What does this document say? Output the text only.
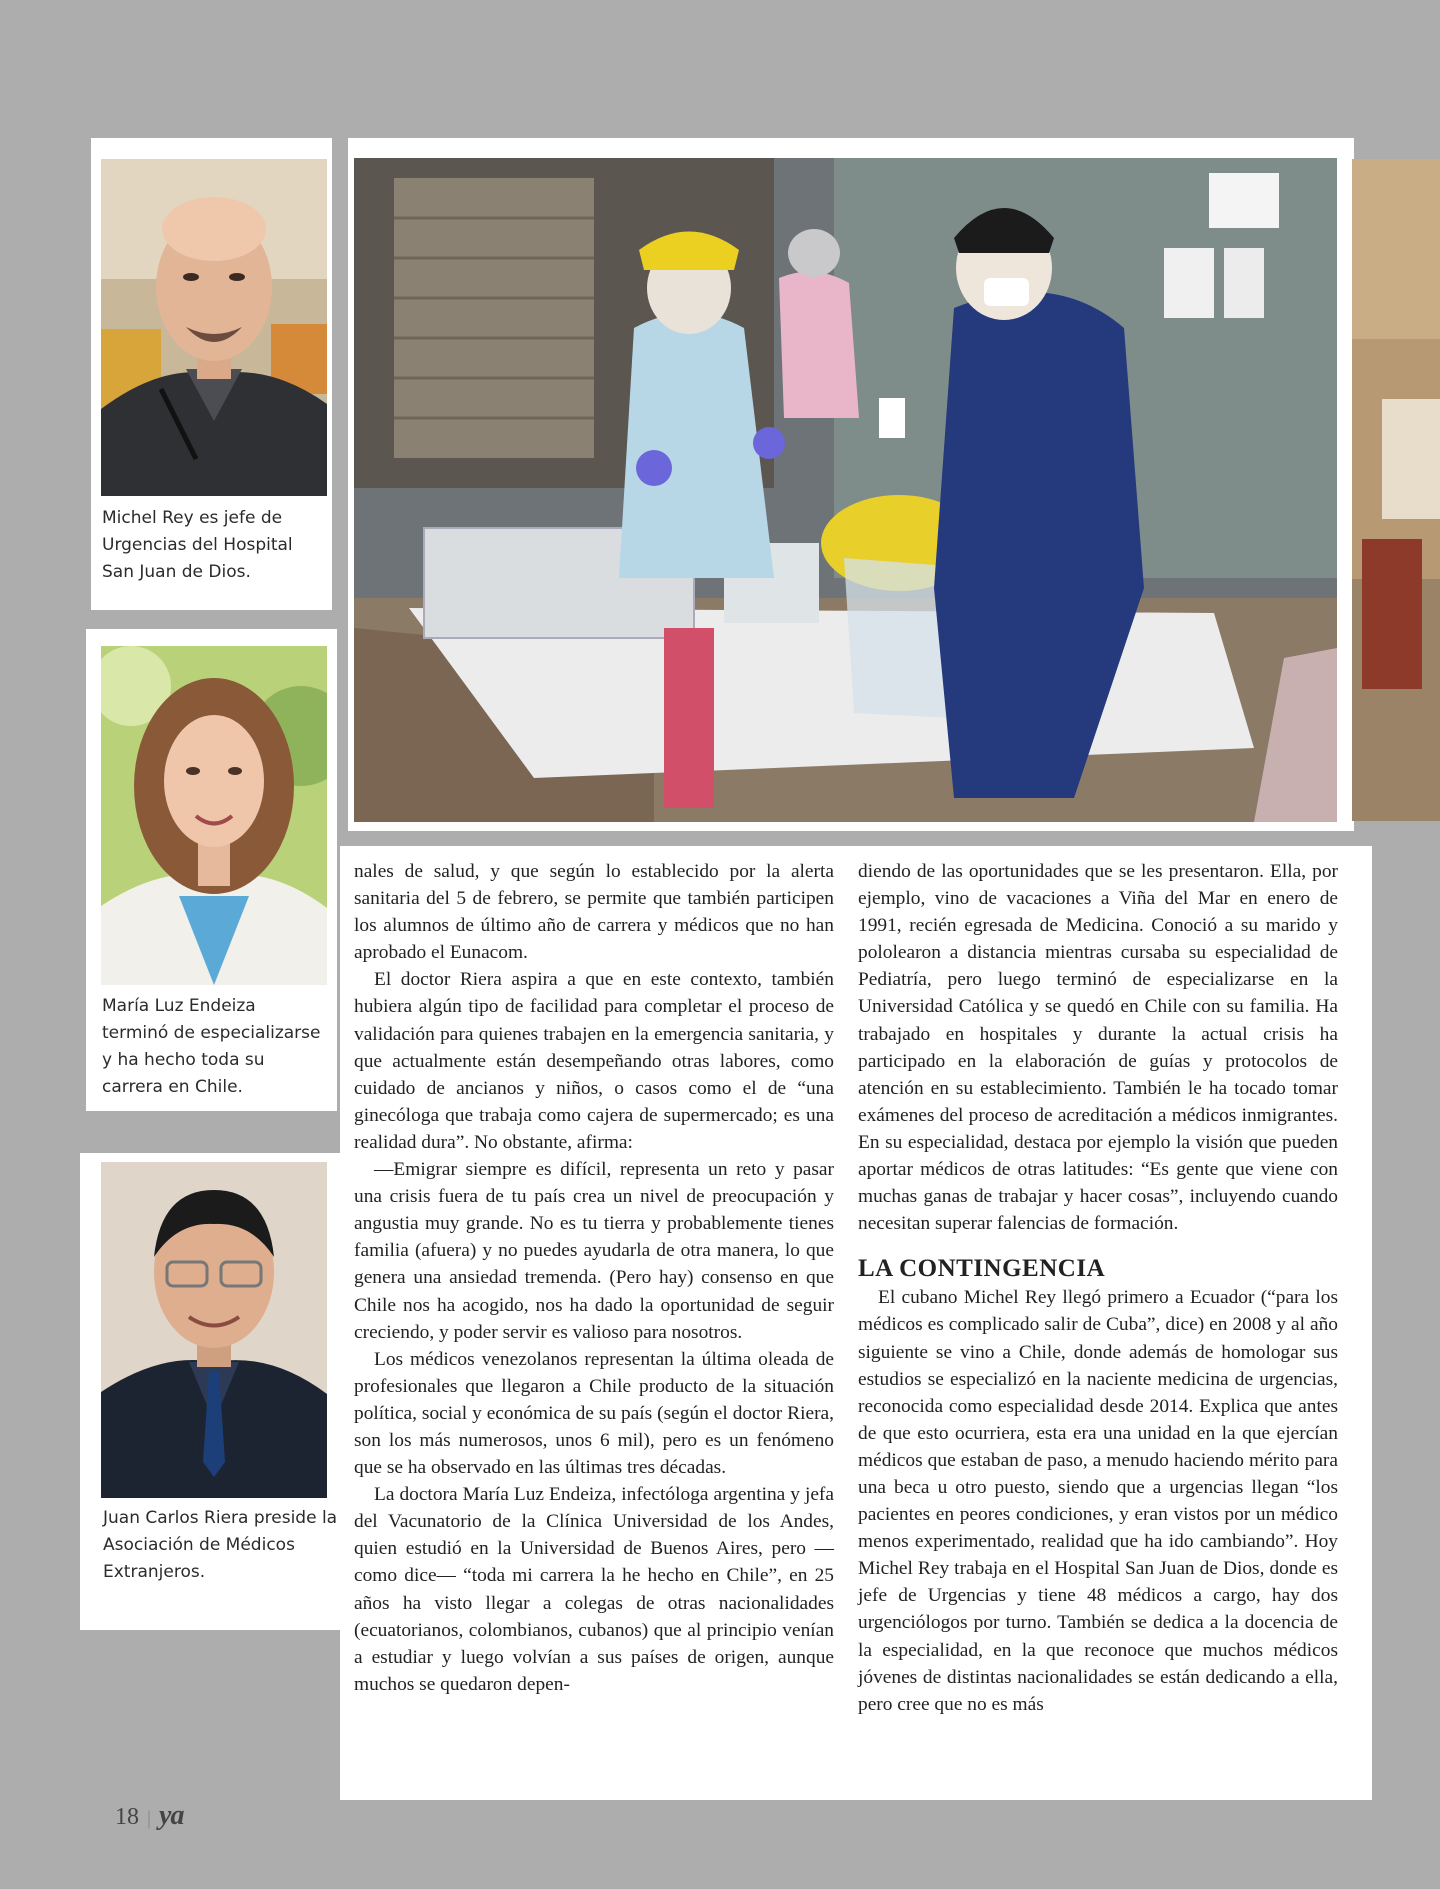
Michel Rey es jefe de Urgencias del Hospital San Juan de Dios.
María Luz Endeiza terminó de especializarse y ha hecho toda su carrera en Chile.
Juan Carlos Riera preside la Asociación de Médicos Extranjeros.

nales de salud, y que según lo establecido por la alerta sanitaria del 5 de febrero, se permite que también participen los alumnos de último año de carrera y médicos que no han aprobado el Eunacom.

El doctor Riera aspira a que en este contexto, también hubiera algún tipo de facilidad para completar el proceso de validación para quienes trabajen en la emergencia sanitaria, y que actualmente están desempeñando otras labores, como cuidado de ancianos y niños, o casos como el de “una ginecóloga que trabaja como cajera de supermercado; es una realidad dura”. No obstante, afirma:

—Emigrar siempre es difícil, representa un reto y pasar una crisis fuera de tu país crea un nivel de preocupación y angustia muy grande. No es tu tierra y probablemente tienes familia (afuera) y no puedes ayudarla de otra manera, lo que genera una ansiedad tremenda. (Pero hay) consenso en que Chile nos ha acogido, nos ha dado la oportunidad de seguir creciendo, y poder servir es valioso para nosotros.

Los médicos venezolanos representan la última oleada de profesionales que llegaron a Chile producto de la situación política, social y económica de su país (según el doctor Riera, son los más numerosos, unos 6 mil), pero es un fenómeno que se ha observado en las últimas tres décadas.

La doctora María Luz Endeiza, infectóloga argentina y jefa del Vacunatorio de la Clínica Universidad de los Andes, quien estudió en la Universidad de Buenos Aires, pero —como dice— “toda mi carrera la he hecho en Chile”, en 25 años ha visto llegar a colegas de otras nacionalidades (ecuatorianos, colombianos, cubanos) que al principio venían a estudiar y luego volvían a sus países de origen, aunque muchos se quedaron depen-

diendo de las oportunidades que se les presentaron. Ella, por ejemplo, vino de vacaciones a Viña del Mar en enero de 1991, recién egresada de Medicina. Conoció a su marido y pololearon a distancia mientras cursaba su especialidad de Pediatría, pero luego terminó de especializarse en la Universidad Católica y se quedó en Chile con su familia. Ha trabajado en hospitales y durante la actual crisis ha participado en la elaboración de guías y protocolos de atención en su establecimiento. También le ha tocado tomar exámenes del proceso de acreditación a médicos inmigrantes. En su especialidad, destaca por ejemplo la visión que pueden aportar médicos de otras latitudes: “Es gente que viene con muchas ganas de trabajar y hacer cosas”, incluyendo cuando necesitan superar falencias de formación.

LA CONTINGENCIA

El cubano Michel Rey llegó primero a Ecuador (“para los médicos es complicado salir de Cuba”, dice) en 2008 y al año siguiente se vino a Chile, donde además de homologar sus estudios se especializó en la naciente medicina de urgencias, reconocida como especialidad desde 2014. Explica que antes de que esto ocurriera, esta era una unidad en la que ejercían médicos que estaban de paso, a menudo haciendo mérito para una beca u otro puesto, siendo que a urgencias llegan “los pacientes en peores condiciones, y eran vistos por un médico menos experimentado, realidad que ha ido cambiando”. Hoy Michel Rey trabaja en el Hospital San Juan de Dios, donde es jefe de Urgencias y tiene 48 médicos a cargo, hay dos urgenciólogos por turno. También se dedica a la docencia de la especialidad, en la que reconoce que muchos médicos jóvenes de distintas nacionalidades se están dedicando a ella, pero cree que no es más

18 | ya
